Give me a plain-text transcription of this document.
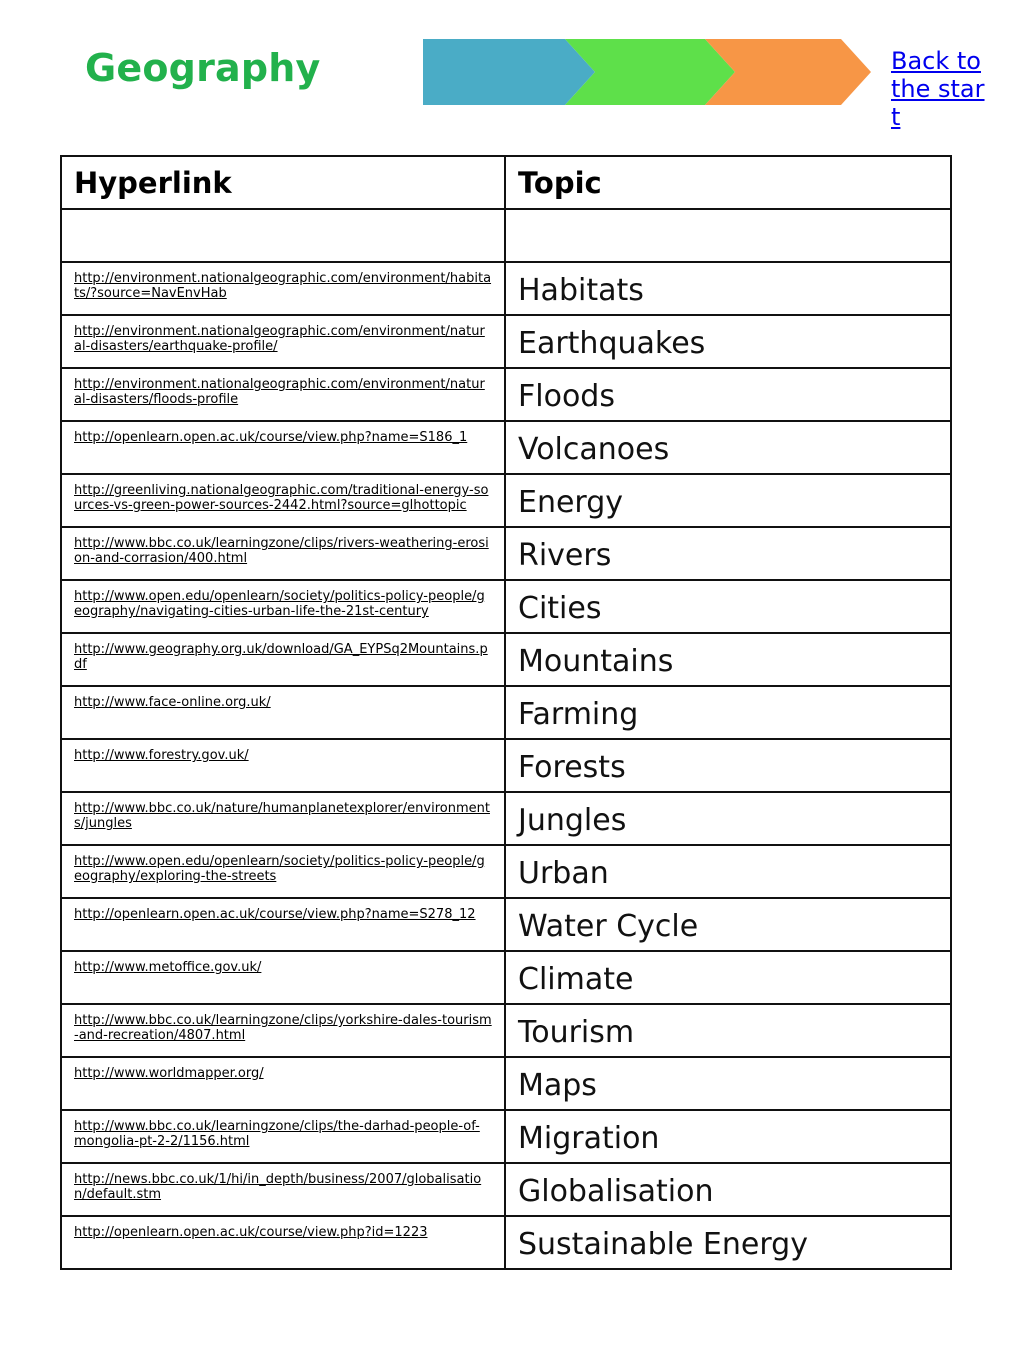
Geography	Back to the start
Hyperlink	Topic

http://environment.nationalgeographic.com/environment/habitats/?source=NavEnvHab	Habitats

http://environment.nationalgeographic.com/environment/natural-disasters/earthquake-profile/	Earthquakes

http://environment.nationalgeographic.com/environment/natural-disasters/floods-profile	Floods

http://openlearn.open.ac.uk/course/view.php?name=S186_1	Volcanoes

http://greenliving.nationalgeographic.com/traditional-energy-sources-vs-green-power-sources-2442.html?source=glhottopic	Energy

http://www.bbc.co.uk/learningzone/clips/rivers-weathering-erosion-and-corrasion/400.html	Rivers

http://www.open.edu/openlearn/society/politics-policy-people/geography/navigating-cities-urban-life-the-21st-century	Cities

http://www.geography.org.uk/download/GA_EYPSq2Mountains.pdf	Mountains

http://www.face-online.org.uk/	Farming

http://www.forestry.gov.uk/	Forests

http://www.bbc.co.uk/nature/humanplanetexplorer/environments/jungles	Jungles

http://www.open.edu/openlearn/society/politics-policy-people/geography/exploring-the-streets	Urban

http://openlearn.open.ac.uk/course/view.php?name=S278_12	Water Cycle

http://www.metoffice.gov.uk/	Climate

http://www.bbc.co.uk/learningzone/clips/yorkshire-dales-tourism-and-recreation/4807.html	Tourism

http://www.worldmapper.org/	Maps

http://www.bbc.co.uk/learningzone/clips/the-darhad-people-of-mongolia-pt-2-2/1156.html	Migration

http://news.bbc.co.uk/1/hi/in_depth/business/2007/globalisation/default.stm	Globalisation

http://openlearn.open.ac.uk/course/view.php?id=1223	Sustainable Energy
